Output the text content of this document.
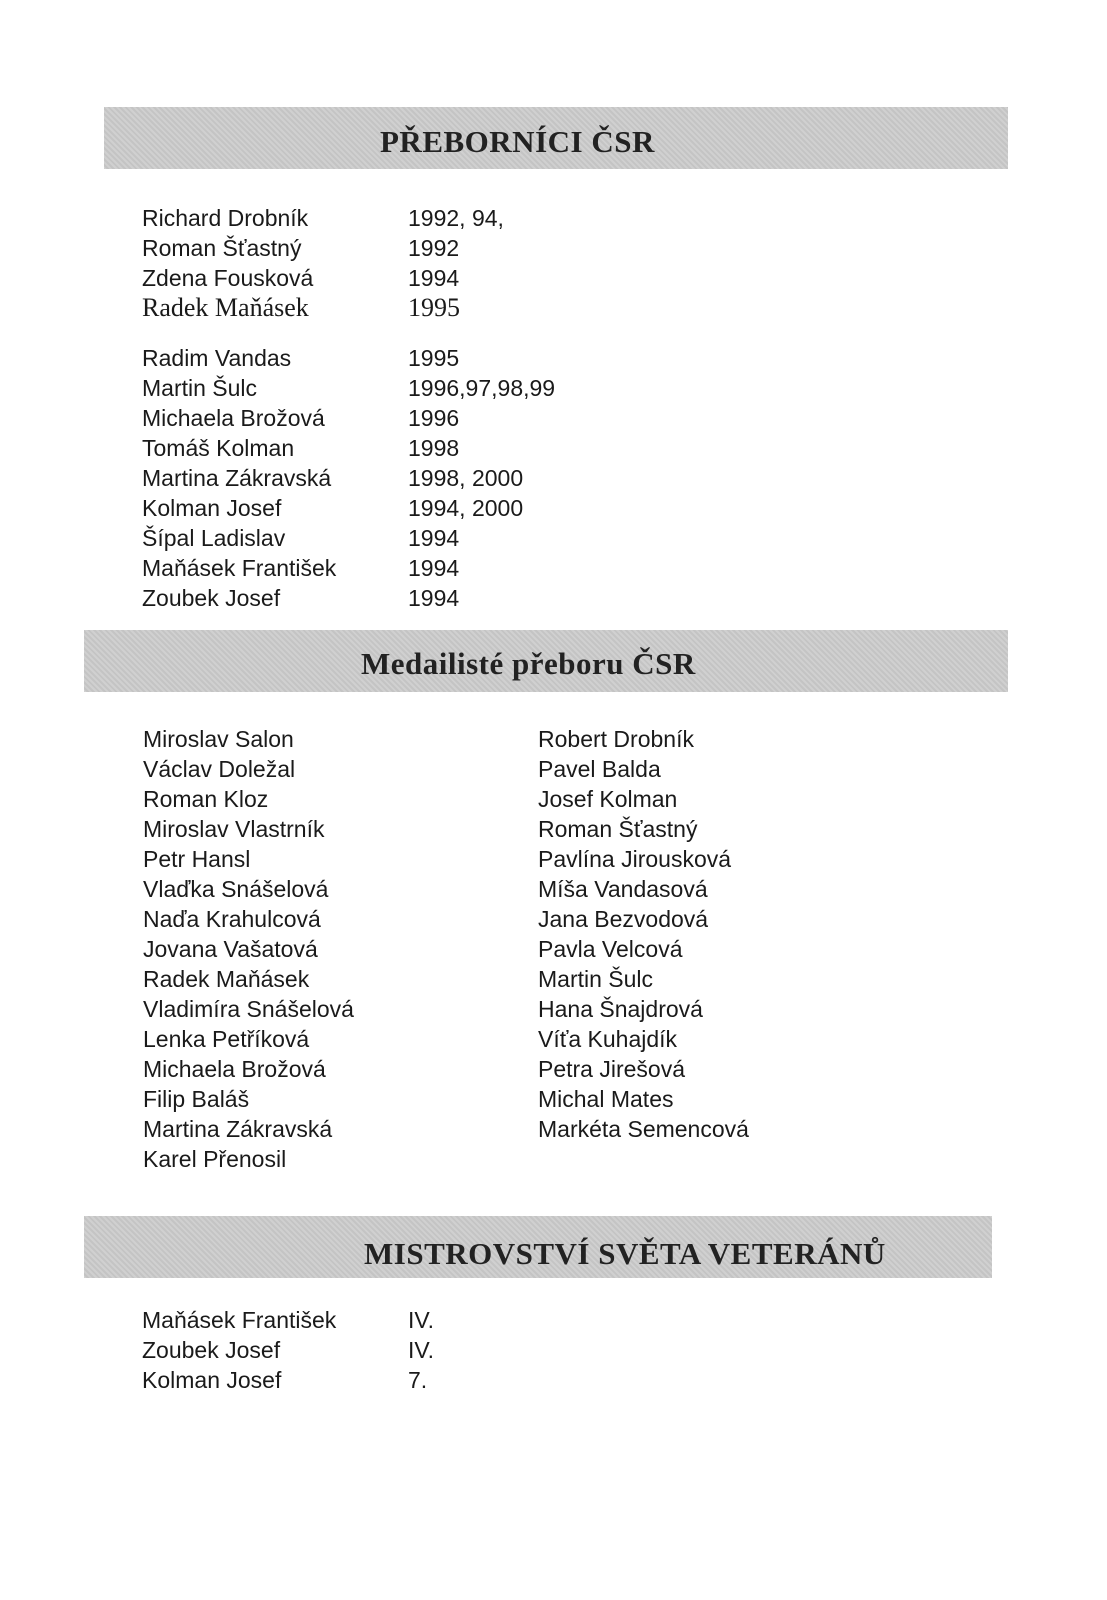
PŘEBORNÍCI ČSR
Richard Drobník	1992, 94,
Roman Šťastný	1992
Zdena Fousková	1994
Radek Maňásek	1995
Radim Vandas	1995
Martin Šulc	1996,97,98,99
Michaela Brožová	1996
Tomáš Kolman	1998
Martina Zákravská	1998, 2000
Kolman Josef	1994, 2000
Šípal Ladislav	1994
Maňásek František	1994
Zoubek Josef	1994
Medailisté přeboru ČSR
Miroslav Salon
Václav Doležal
Roman Kloz
Miroslav Vlastrník
Petr Hansl
Vlaďka Snášelová
Naďa Krahulcová
Jovana Vašatová
Radek Maňásek
Vladimíra Snášelová
Lenka Petříková
Michaela Brožová
Filip Baláš
Martina Zákravská
Karel Přenosil
Robert Drobník
Pavel Balda
Josef Kolman
Roman Šťastný
Pavlína Jirousková
Míša Vandasová
Jana Bezvodová
Pavla Velcová
Martin Šulc
Hana Šnajdrová
Víťa Kuhajdík
Petra Jirešová
Michal Mates
Markéta Semencová
MISTROVSTVÍ SVĚTA VETERÁNŮ
Maňásek František	IV.
Zoubek Josef	IV.
Kolman Josef	7.
